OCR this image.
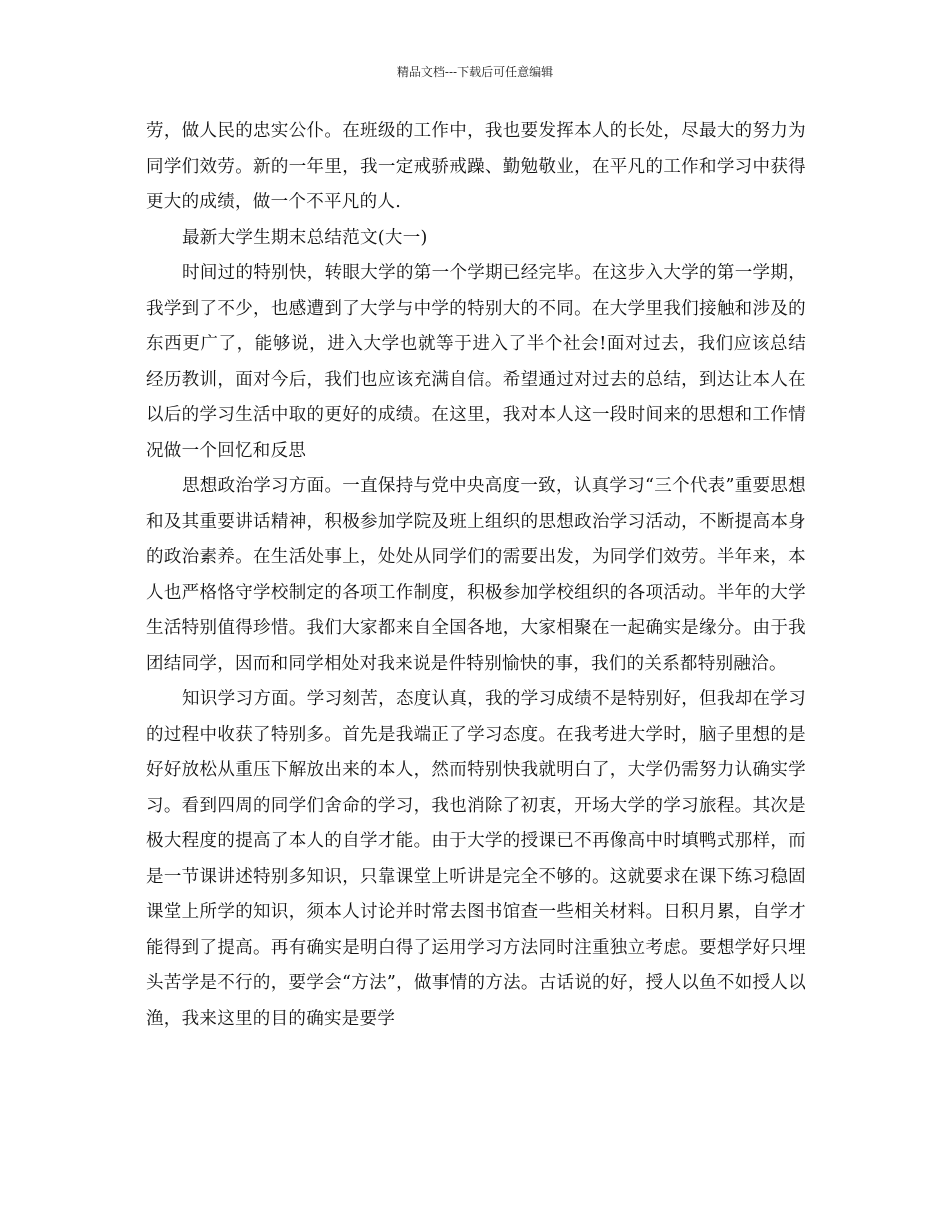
精品文档---下载后可任意编辑

劳，做人民的忠实公仆。在班级的工作中，我也要发挥本人的长处，尽最大的努力为同学们效劳。新的一年里，我一定戒骄戒躁、勤勉敬业，在平凡的工作和学习中获得更大的成绩，做一个不平凡的人.

最新大学生期末总结范文(大一)

时间过的特别快，转眼大学的第一个学期已经完毕。在这步入大学的第一学期，我学到了不少，也感遭到了大学与中学的特别大的不同。在大学里我们接触和涉及的东西更广了，能够说，进入大学也就等于进入了半个社会!面对过去，我们应该总结经历教训，面对今后，我们也应该充满自信。希望通过对过去的总结，到达让本人在以后的学习生活中取的更好的成绩。在这里，我对本人这一段时间来的思想和工作情况做一个回忆和反思

思想政治学习方面。一直保持与党中央高度一致，认真学习“三个代表”重要思想和及其重要讲话精神，积极参加学院及班上组织的思想政治学习活动，不断提高本身的政治素养。在生活处事上，处处从同学们的需要出发，为同学们效劳。半年来，本人也严格恪守学校制定的各项工作制度，积极参加学校组织的各项活动。半年的大学生活特别值得珍惜。我们大家都来自全国各地，大家相聚在一起确实是缘分。由于我团结同学，因而和同学相处对我来说是件特别愉快的事，我们的关系都特别融洽。

知识学习方面。学习刻苦，态度认真，我的学习成绩不是特别好，但我却在学习的过程中收获了特别多。首先是我端正了学习态度。在我考进大学时，脑子里想的是好好放松从重压下解放出来的本人，然而特别快我就明白了，大学仍需努力认确实学习。看到四周的同学们舍命的学习，我也消除了初衷，开场大学的学习旅程。其次是极大程度的提高了本人的自学才能。由于大学的授课已不再像高中时填鸭式那样，而是一节课讲述特别多知识，只靠课堂上听讲是完全不够的。这就要求在课下练习稳固课堂上所学的知识，须本人讨论并时常去图书馆查一些相关材料。日积月累，自学才能得到了提高。再有确实是明白得了运用学习方法同时注重独立考虑。要想学好只埋头苦学是不行的，要学会“方法”，做事情的方法。古话说的好，授人以鱼不如授人以渔，我来这里的目的确实是要学
